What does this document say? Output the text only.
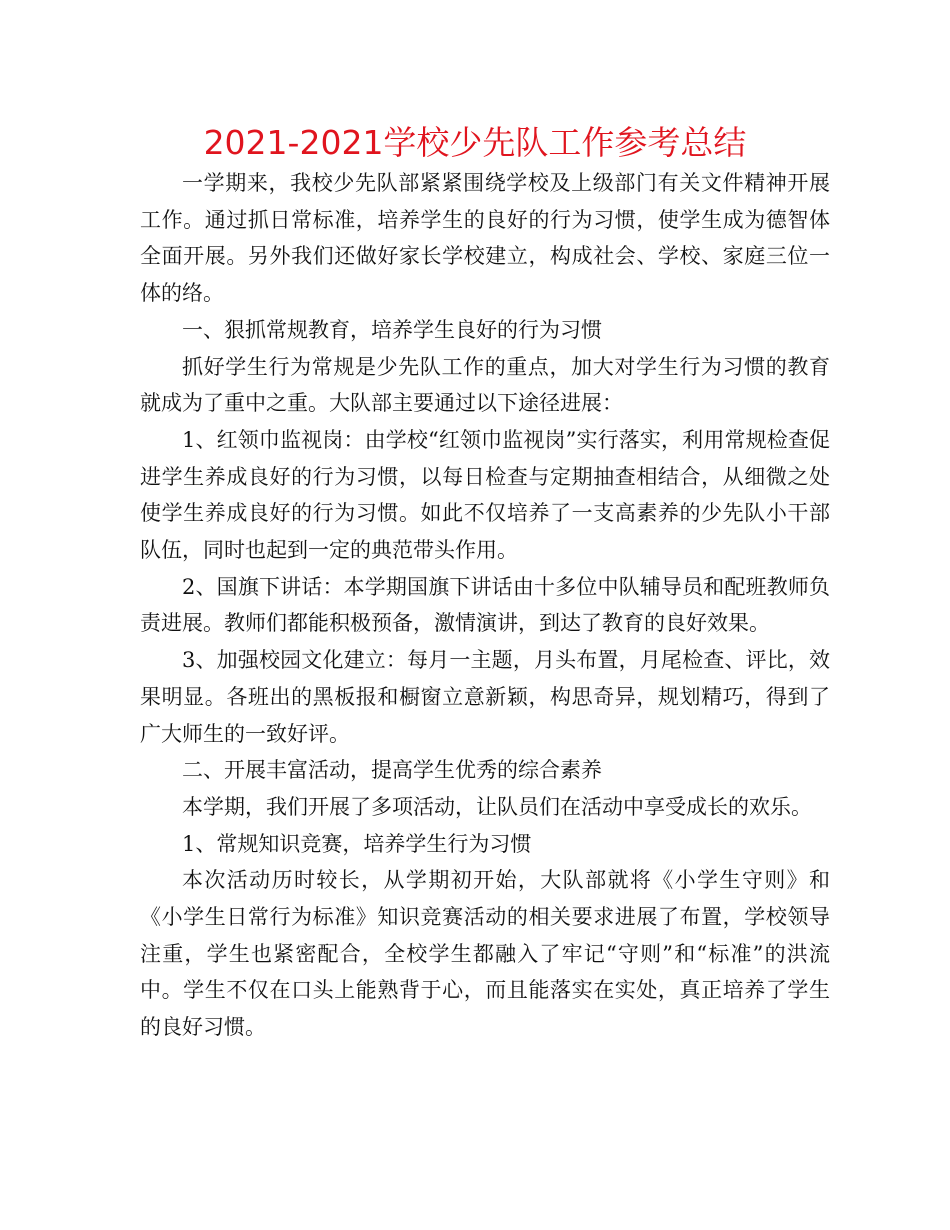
2021-2021学校少先队工作参考总结

一学期来，我校少先队部紧紧围绕学校及上级部门有关文件精神开展工作。通过抓日常标准，培养学生的良好的行为习惯，使学生成为德智体全面开展。另外我们还做好家长学校建立，构成社会、学校、家庭三位一体的络。

一、狠抓常规教育，培养学生良好的行为习惯

抓好学生行为常规是少先队工作的重点，加大对学生行为习惯的教育就成为了重中之重。大队部主要通过以下途径进展：

1、红领巾监视岗：由学校“红领巾监视岗”实行落实，利用常规检查促进学生养成良好的行为习惯，以每日检查与定期抽查相结合，从细微之处使学生养成良好的行为习惯。如此不仅培养了一支高素养的少先队小干部队伍，同时也起到一定的典范带头作用。

2、国旗下讲话：本学期国旗下讲话由十多位中队辅导员和配班教师负责进展。教师们都能积极预备，激情演讲，到达了教育的良好效果。

3、加强校园文化建立：每月一主题，月头布置，月尾检查、评比，效果明显。各班出的黑板报和橱窗立意新颖，构思奇异，规划精巧，得到了广大师生的一致好评。

二、开展丰富活动，提高学生优秀的综合素养

本学期，我们开展了多项活动，让队员们在活动中享受成长的欢乐。

1、常规知识竞赛，培养学生行为习惯

本次活动历时较长，从学期初开始，大队部就将《小学生守则》和《小学生日常行为标准》知识竞赛活动的相关要求进展了布置，学校领导注重，学生也紧密配合，全校学生都融入了牢记“守则”和“标准”的洪流中。学生不仅在口头上能熟背于心，而且能落实在实处，真正培养了学生的良好习惯。
